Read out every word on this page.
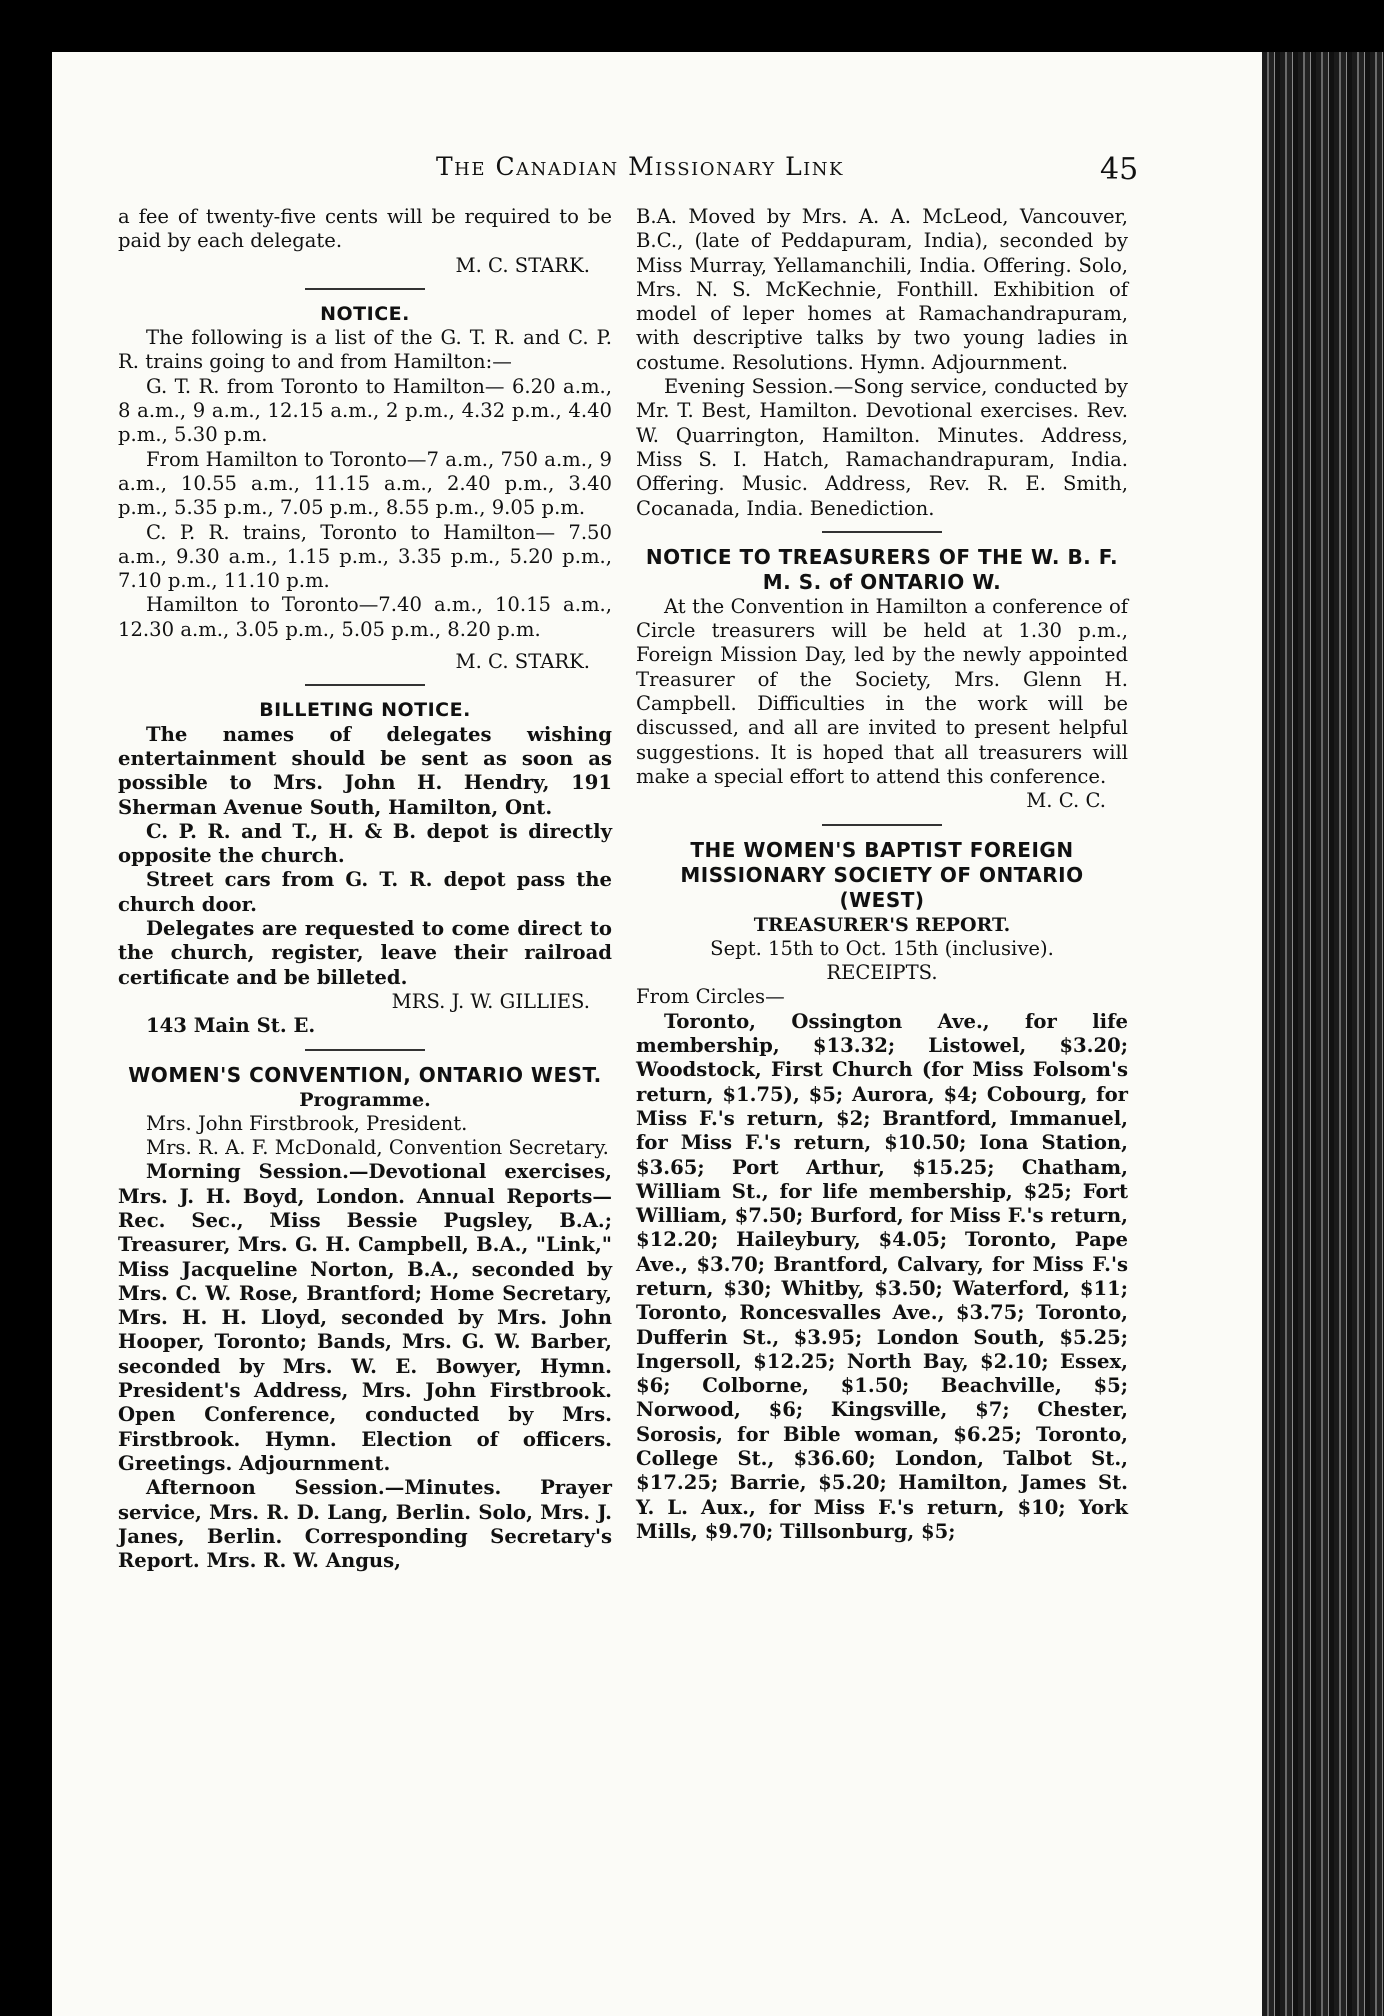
The Canadian Missionary Link	45

a fee of twenty-five cents will be required to be paid by each delegate.

M. C. STARK.

NOTICE.

The following is a list of the G. T. R. and C. P. R. trains going to and from Hamilton:—

G. T. R. from Toronto to Hamilton— 6.20 a.m., 8 a.m., 9 a.m., 12.15 a.m., 2 p.m., 4.32 p.m., 4.40 p.m., 5.30 p.m.

From Hamilton to Toronto—7 a.m., 750 a.m., 9 a.m., 10.55 a.m., 11.15 a.m., 2.40 p.m., 3.40 p.m., 5.35 p.m., 7.05 p.m., 8.55 p.m., 9.05 p.m.

C. P. R. trains, Toronto to Hamilton— 7.50 a.m., 9.30 a.m., 1.15 p.m., 3.35 p.m., 5.20 p.m., 7.10 p.m., 11.10 p.m.

Hamilton to Toronto—7.40 a.m., 10.15 a.m., 12.30 a.m., 3.05 p.m., 5.05 p.m., 8.20 p.m.

M. C. STARK.

BILLETING NOTICE.

The names of delegates wishing entertainment should be sent as soon as possible to Mrs. John H. Hendry, 191 Sherman Avenue South, Hamilton, Ont.

C. P. R. and T., H. & B. depot is directly opposite the church.

Street cars from G. T. R. depot pass the church door.

Delegates are requested to come direct to the church, register, leave their railroad certificate and be billeted.

MRS. J. W. GILLIES.

143 Main St. E.

WOMEN'S CONVENTION, ONTARIO WEST.
Programme.

Mrs. John Firstbrook, President.

Mrs. R. A. F. McDonald, Convention Secretary.

Morning Session.—Devotional exercises, Mrs. J. H. Boyd, London. Annual Reports—Rec. Sec., Miss Bessie Pugsley, B.A.; Treasurer, Mrs. G. H. Campbell, B.A., "Link," Miss Jacqueline Norton, B.A., seconded by Mrs. C. W. Rose, Brantford; Home Secretary, Mrs. H. H. Lloyd, seconded by Mrs. John Hooper, Toronto; Bands, Mrs. G. W. Barber, seconded by Mrs. W. E. Bowyer, Hymn. President's Address, Mrs. John Firstbrook. Open Conference, conducted by Mrs. Firstbrook. Hymn. Election of officers. Greetings. Adjournment.

Afternoon Session.—Minutes. Prayer service, Mrs. R. D. Lang, Berlin. Solo, Mrs. J. Janes, Berlin. Corresponding Secretary's Report. Mrs. R. W. Angus,

B.A. Moved by Mrs. A. A. McLeod, Vancouver, B.C., (late of Peddapuram, India), seconded by Miss Murray, Yellamanchili, India. Offering. Solo, Mrs. N. S. McKechnie, Fonthill. Exhibition of model of leper homes at Ramachandrapuram, with descriptive talks by two young ladies in costume. Resolutions. Hymn. Adjournment.

Evening Session.—Song service, conducted by Mr. T. Best, Hamilton. Devotional exercises. Rev. W. Quarrington, Hamilton. Minutes. Address, Miss S. I. Hatch, Ramachandrapuram, India. Offering. Music. Address, Rev. R. E. Smith, Cocanada, India. Benediction.

NOTICE TO TREASURERS OF THE W. B. F. M. S. of ONTARIO W.

At the Convention in Hamilton a conference of Circle treasurers will be held at 1.30 p.m., Foreign Mission Day, led by the newly appointed Treasurer of the Society, Mrs. Glenn H. Campbell. Difficulties in the work will be discussed, and all are invited to present helpful suggestions. It is hoped that all treasurers will make a special effort to attend this conference.

M. C. C.

THE WOMEN'S BAPTIST FOREIGN MISSIONARY SOCIETY OF ONTARIO (WEST)
TREASURER'S REPORT.

Sept. 15th to Oct. 15th (inclusive).

RECEIPTS.

From Circles—

Toronto, Ossington Ave., for life membership, $13.32; Listowel, $3.20; Woodstock, First Church (for Miss Folsom's return, $1.75), $5; Aurora, $4; Cobourg, for Miss F.'s return, $2; Brantford, Immanuel, for Miss F.'s return, $10.50; Iona Station, $3.65; Port Arthur, $15.25; Chatham, William St., for life membership, $25; Fort William, $7.50; Burford, for Miss F.'s return, $12.20; Haileybury, $4.05; Toronto, Pape Ave., $3.70; Brantford, Calvary, for Miss F.'s return, $30; Whitby, $3.50; Waterford, $11; Toronto, Roncesvalles Ave., $3.75; Toronto, Dufferin St., $3.95; London South, $5.25; Ingersoll, $12.25; North Bay, $2.10; Essex, $6; Colborne, $1.50; Beachville, $5; Norwood, $6; Kingsville, $7; Chester, Sorosis, for Bible woman, $6.25; Toronto, College St., $36.60; London, Talbot St., $17.25; Barrie, $5.20; Hamilton, James St. Y. L. Aux., for Miss F.'s return, $10; York Mills, $9.70; Tillsonburg, $5;
